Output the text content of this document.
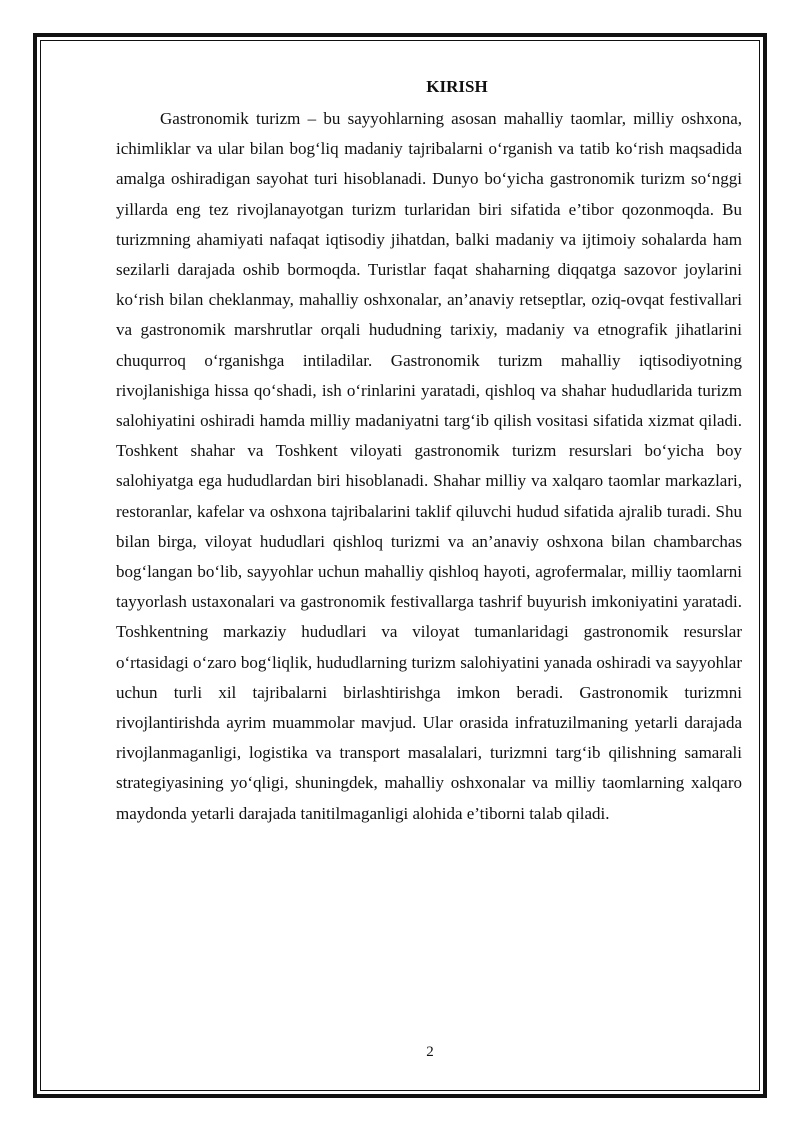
KIRISH

Gastronomik turizm – bu sayyohlarning asosan mahalliy taomlar, milliy oshxona, ichimliklar va ular bilan bog‘liq madaniy tajribalarni o‘rganish va tatib ko‘rish maqsadida amalga oshiradigan sayohat turi hisoblanadi. Dunyo bo‘yicha gastronomik turizm so‘nggi yillarda eng tez rivojlanayotgan turizm turlaridan biri sifatida e’tibor qozonmoqda. Bu turizmning ahamiyati nafaqat iqtisodiy jihatdan, balki madaniy va ijtimoiy sohalarda ham sezilarli darajada oshib bormoqda. Turistlar faqat shaharning diqqatga sazovor joylarini ko‘rish bilan cheklanmay, mahalliy oshxonalar, an’anaviy retseptlar, oziq-ovqat festivallari va gastronomik marshrutlar orqali hududning tarixiy, madaniy va etnografik jihatlarini chuqurroq o‘rganishga intiladilar. Gastronomik turizm mahalliy iqtisodiyotning rivojlanishiga hissa qo‘shadi, ish o‘rinlarini yaratadi, qishloq va shahar hududlarida turizm salohiyatini oshiradi hamda milliy madaniyatni targ‘ib qilish vositasi sifatida xizmat qiladi. Toshkent shahar va Toshkent viloyati gastronomik turizm resurslari bo‘yicha boy salohiyatga ega hududlardan biri hisoblanadi. Shahar milliy va xalqaro taomlar markazlari, restoranlar, kafelar va oshxona tajribalarini taklif qiluvchi hudud sifatida ajralib turadi. Shu bilan birga, viloyat hududlari qishloq turizmi va an’anaviy oshxona bilan chambarchas bog‘langan bo‘lib, sayyohlar uchun mahalliy qishloq hayoti, agrofermalar, milliy taomlarni tayyorlash ustaxonalari va gastronomik festivallarga tashrif buyurish imkoniyatini yaratadi. Toshkentning markaziy hududlari va viloyat tumanlaridagi gastronomik resurslar o‘rtasidagi o‘zaro bog‘liqlik, hududlarning turizm salohiyatini yanada oshiradi va sayyohlar uchun turli xil tajribalarni birlashtirishga imkon beradi. Gastronomik turizmni rivojlantirishda ayrim muammolar mavjud. Ular orasida infratuzilmaning yetarli darajada rivojlanmaganligi, logistika va transport masalalari, turizmni targ‘ib qilishning samarali strategiyasining yo‘qligi, shuningdek, mahalliy oshxonalar va milliy taomlarning xalqaro maydonda yetarli darajada tanitilmaganligi alohida e’tiborni talab qiladi.

2
